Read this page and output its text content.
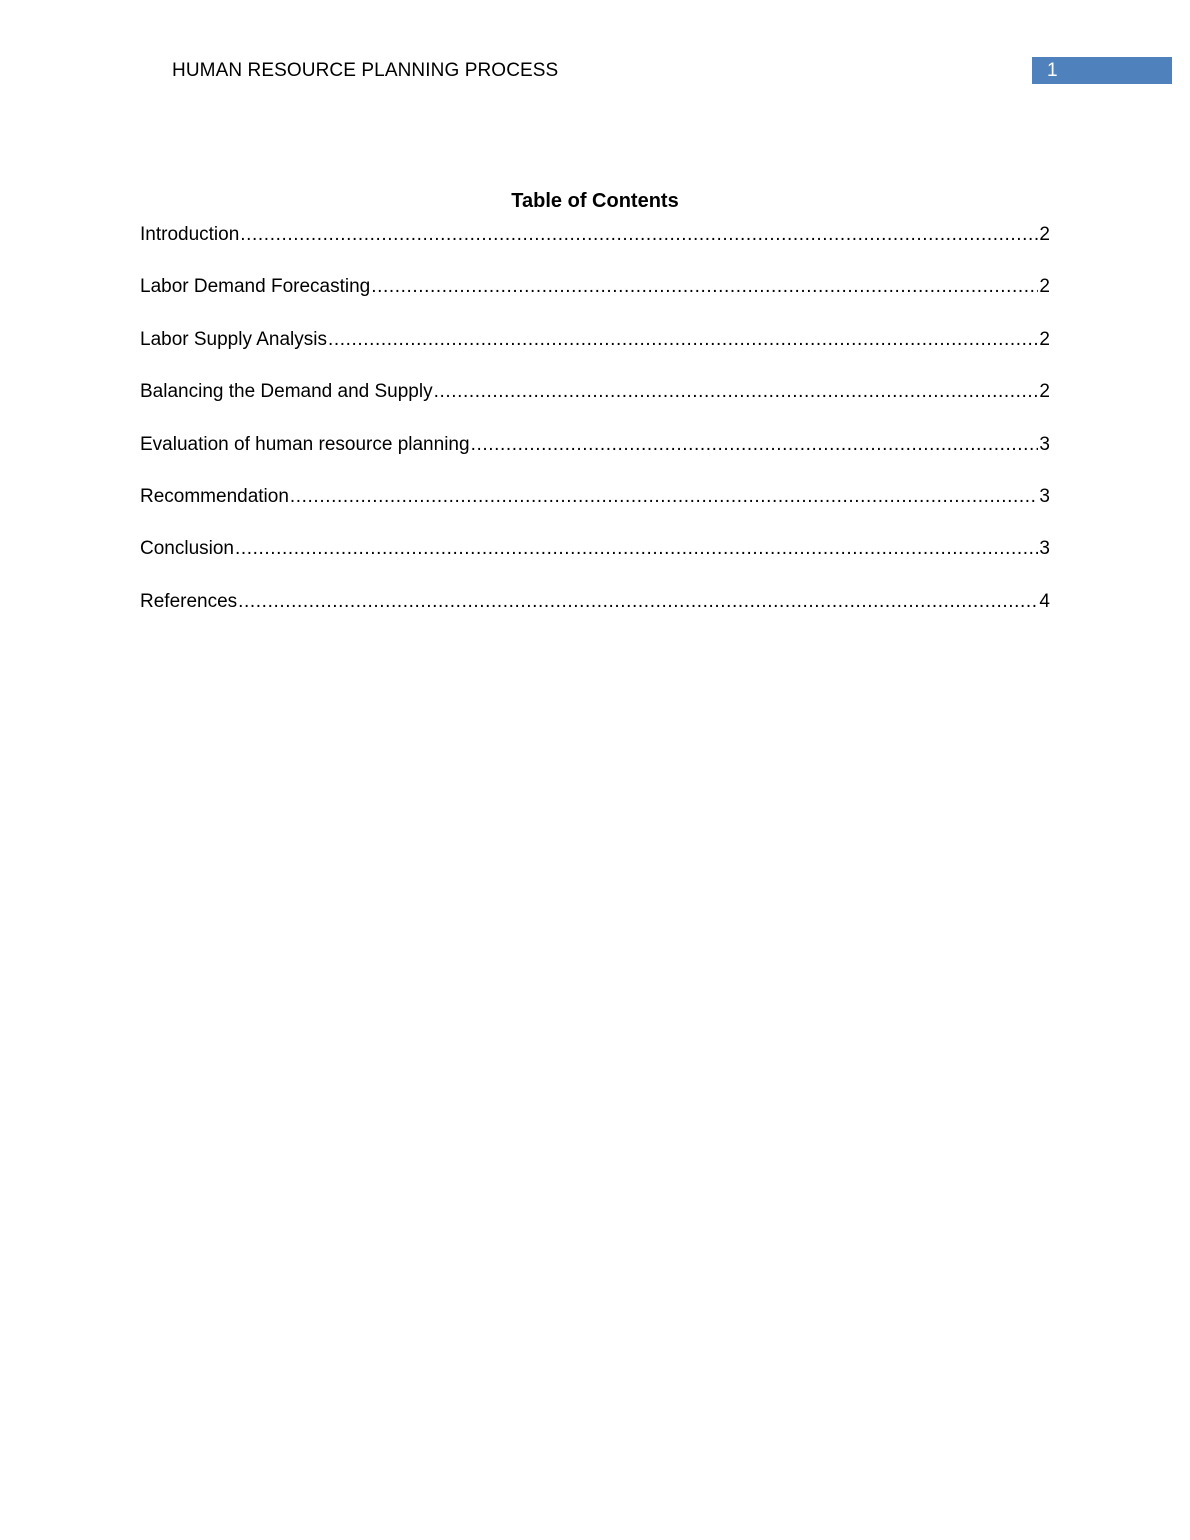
HUMAN RESOURCE PLANNING PROCESS	1
Table of Contents
Introduction .....	2
Labor Demand Forecasting .....	2
Labor Supply Analysis .....	2
Balancing the Demand and Supply .....	2
Evaluation of human resource planning .....	3
Recommendation .....	3
Conclusion .....	3
References .....	4
